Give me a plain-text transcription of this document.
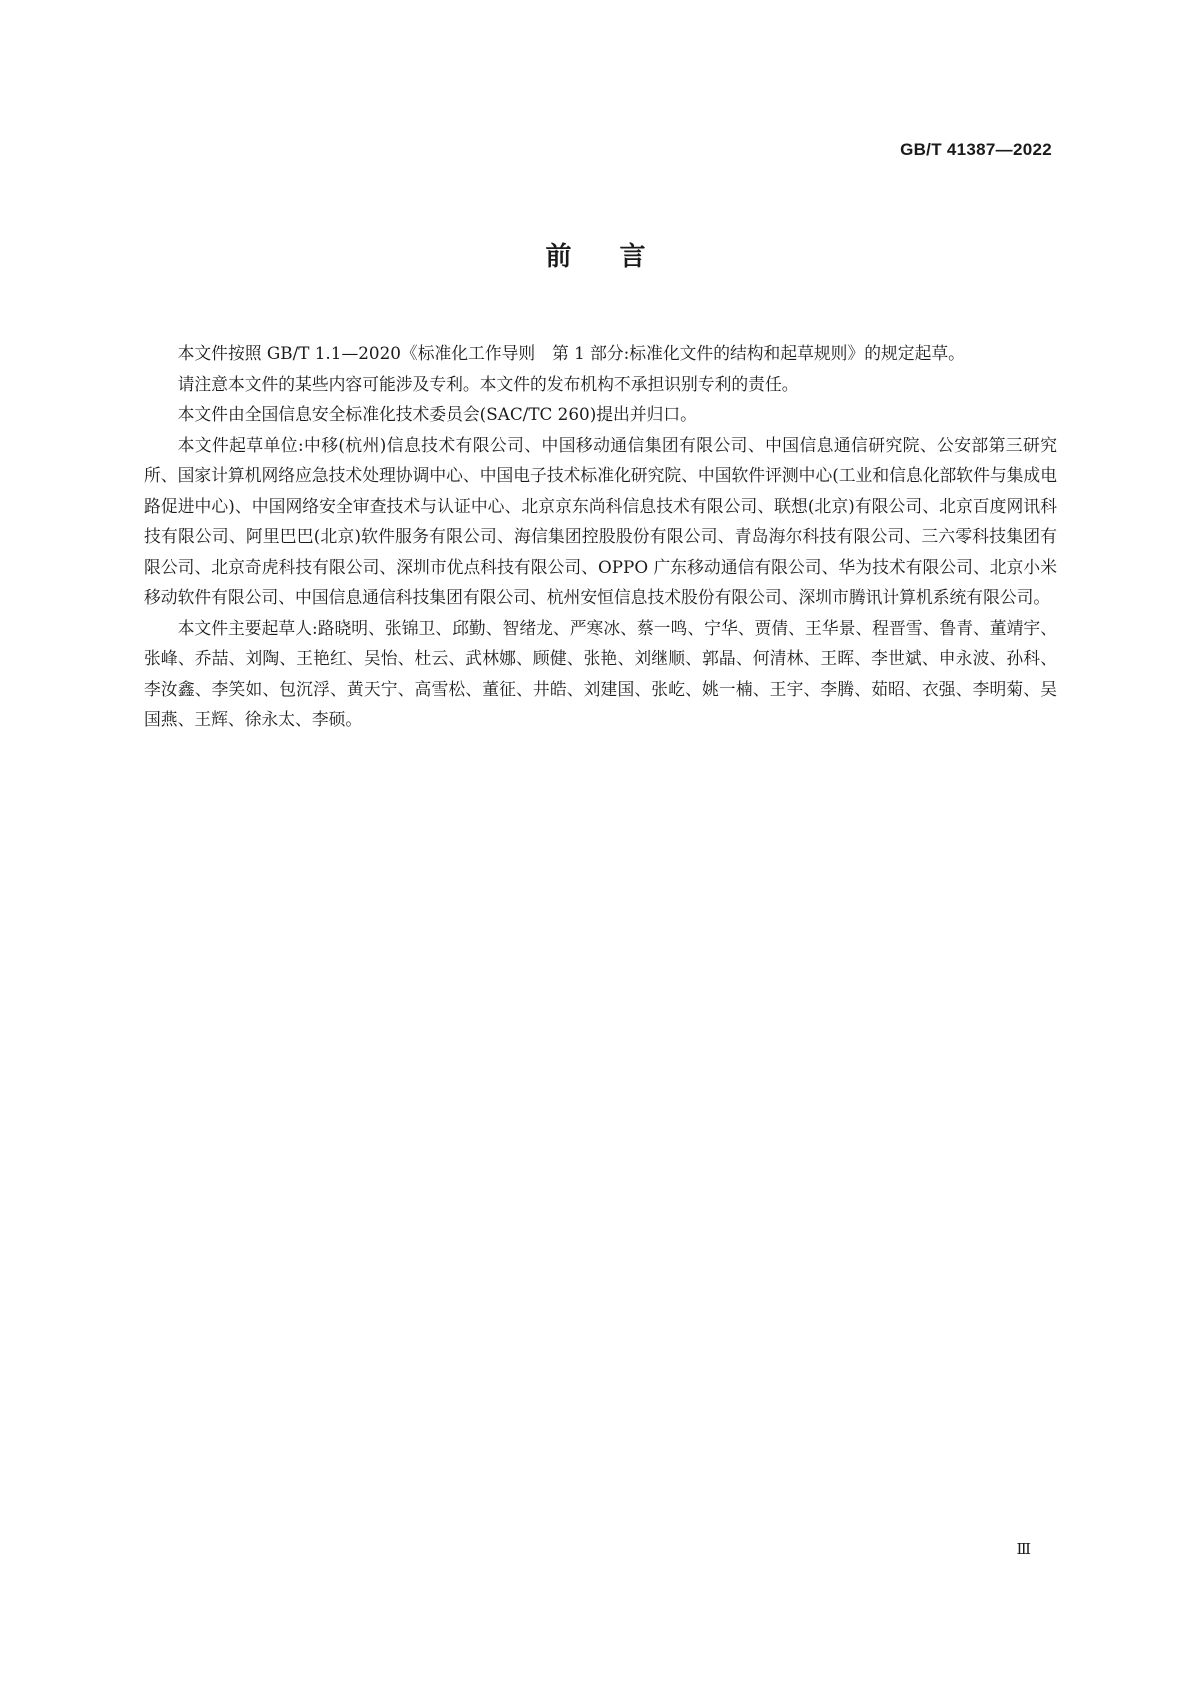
GB/T 41387—2022
前 言

本文件按照 GB/T 1.1—2020《标准化工作导则　第 1 部分:标准化文件的结构和起草规则》的规定起草。

请注意本文件的某些内容可能涉及专利。本文件的发布机构不承担识别专利的责任。

本文件由全国信息安全标准化技术委员会(SAC/TC 260)提出并归口。

本文件起草单位:中移(杭州)信息技术有限公司、中国移动通信集团有限公司、中国信息通信研究院、公安部第三研究所、国家计算机网络应急技术处理协调中心、中国电子技术标准化研究院、中国软件评测中心(工业和信息化部软件与集成电路促进中心)、中国网络安全审查技术与认证中心、北京京东尚科信息技术有限公司、联想(北京)有限公司、北京百度网讯科技有限公司、阿里巴巴(北京)软件服务有限公司、海信集团控股股份有限公司、青岛海尔科技有限公司、三六零科技集团有限公司、北京奇虎科技有限公司、深圳市优点科技有限公司、OPPO 广东移动通信有限公司、华为技术有限公司、北京小米移动软件有限公司、中国信息通信科技集团有限公司、杭州安恒信息技术股份有限公司、深圳市腾讯计算机系统有限公司。

本文件主要起草人:路晓明、张锦卫、邱勤、智绪龙、严寒冰、蔡一鸣、宁华、贾倩、王华景、程晋雪、鲁青、董靖宇、张峰、乔喆、刘陶、王艳红、吴怡、杜云、武林娜、顾健、张艳、刘继顺、郭晶、何清林、王晖、李世斌、申永波、孙科、李汝鑫、李笑如、包沉浮、黄天宁、高雪松、董征、井皓、刘建国、张屹、姚一楠、王宇、李腾、茹昭、衣强、李明菊、吴国燕、王辉、徐永太、李硕。

Ⅲ
